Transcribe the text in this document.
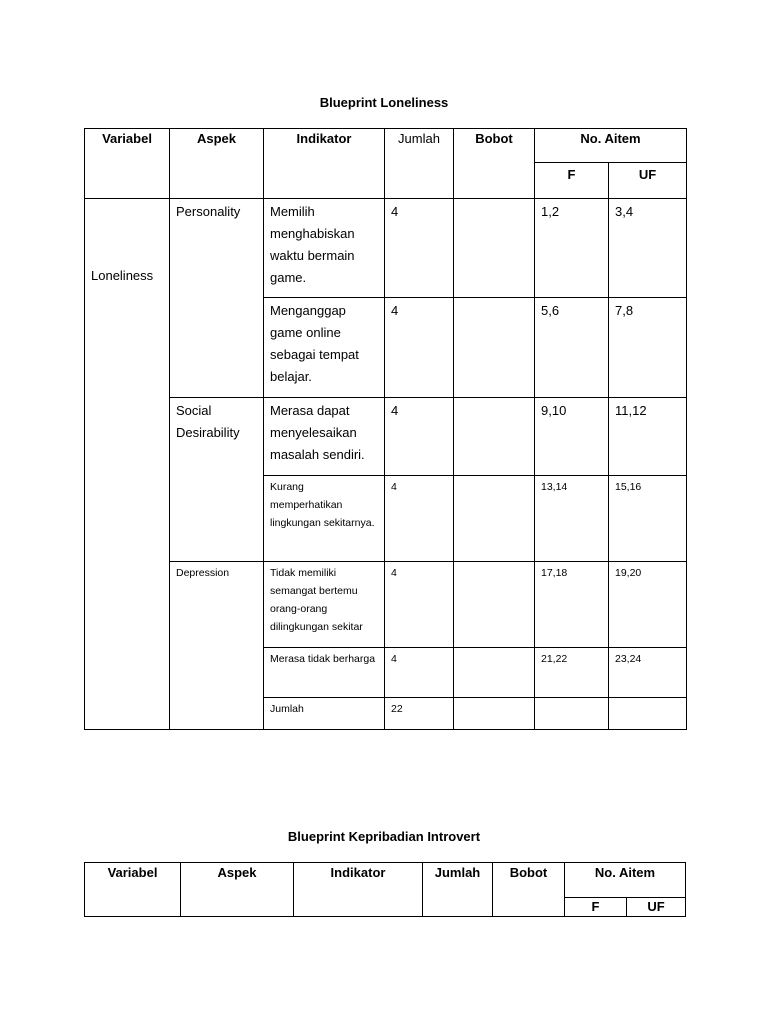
Blueprint Loneliness
Variabel	Aspek	Indikator	Jumlah	Bobot	No. Aitem	
					F	UF
Loneliness	Personality	Memilih menghabiskan waktu bermain game.	4		1,2	3,4
		Menganggap game online sebagai tempat belajar.	4		5,6	7,8
	Social Desirability	Merasa dapat menyelesaikan masalah sendiri.	4		9,10	11,12
		Kurang memperhatikan lingkungan sekitarnya.	4		13,14	15,16
	Depression	Tidak memiliki semangat bertemu orang-orang dilingkungan sekitar	4		17,18	19,20
		Merasa tidak berharga	4		21,22	23,24
		Jumlah	22			
Blueprint Kepribadian Introvert
Variabel	Aspek	Indikator	Jumlah	Bobot	No. Aitem	
					F	UF
